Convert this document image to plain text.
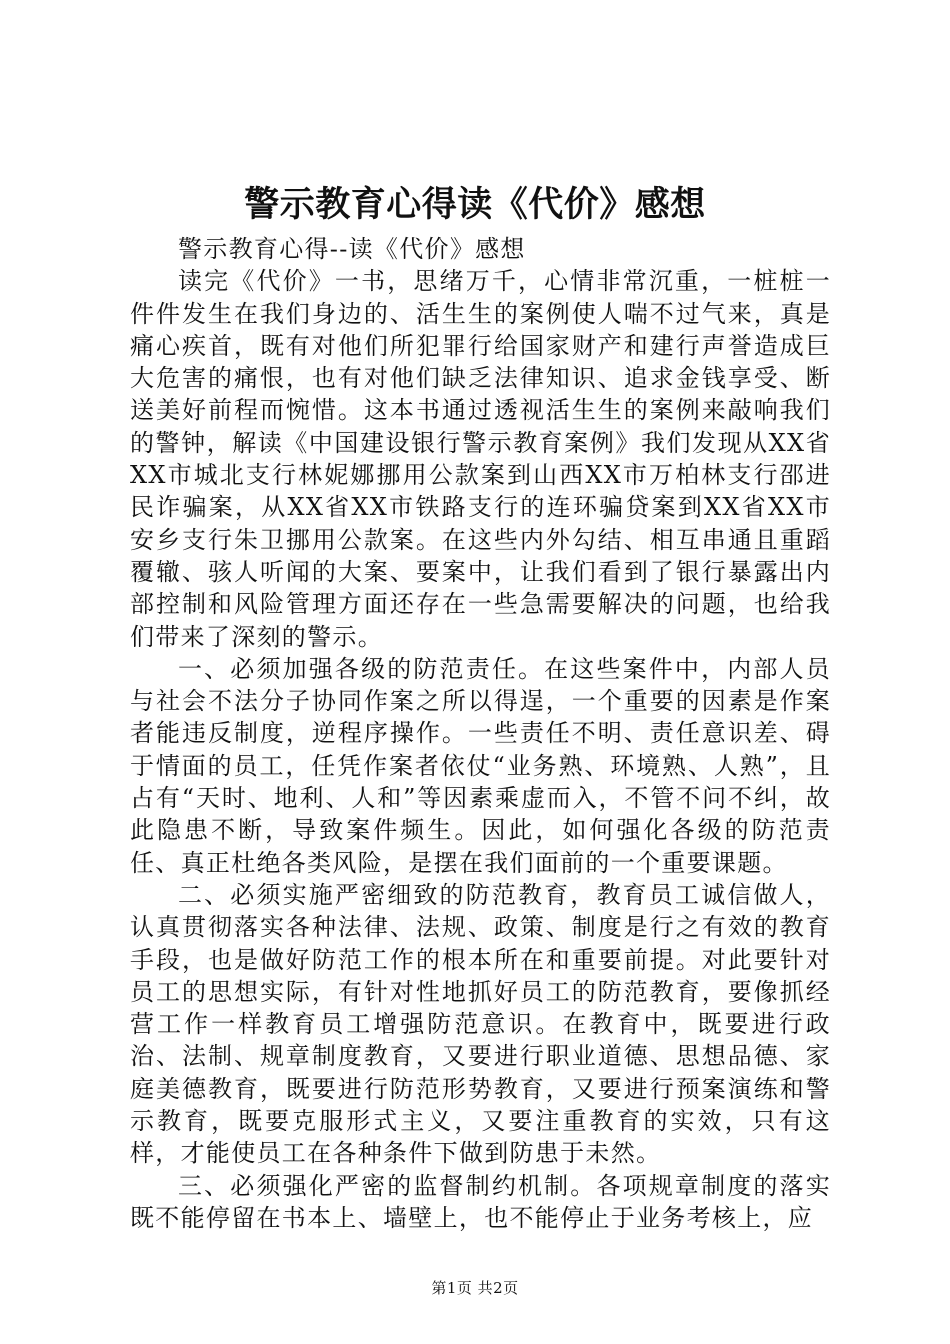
警示教育心得读《代价》感想

警示教育心得--读《代价》感想

读完《代价》一书，思绪万千，心情非常沉重，一桩桩一件件发生在我们身边的、活生生的案例使人喘不过气来，真是痛心疾首，既有对他们所犯罪行给国家财产和建行声誉造成巨大危害的痛恨，也有对他们缺乏法律知识、追求金钱享受、断送美好前程而惋惜。这本书通过透视活生生的案例来敲响我们的警钟，解读《中国建设银行警示教育案例》我们发现从XX省XX市城北支行林妮娜挪用公款案到山西XX市万柏林支行邵进民诈骗案，从XX省XX市铁路支行的连环骗贷案到XX省XX市安乡支行朱卫挪用公款案。在这些内外勾结、相互串通且重蹈覆辙、骇人听闻的大案、要案中，让我们看到了银行暴露出内部控制和风险管理方面还存在一些急需要解决的问题，也给我们带来了深刻的警示。

一、必须加强各级的防范责任。在这些案件中，内部人员与社会不法分子协同作案之所以得逞，一个重要的因素是作案者能违反制度，逆程序操作。一些责任不明、责任意识差、碍于情面的员工，任凭作案者依仗“业务熟、环境熟、人熟”，且占有“天时、地利、人和”等因素乘虚而入，不管不问不纠，故此隐患不断，导致案件频生。因此，如何强化各级的防范责任、真正杜绝各类风险，是摆在我们面前的一个重要课题。

二、必须实施严密细致的防范教育，教育员工诚信做人，认真贯彻落实各种法律、法规、政策、制度是行之有效的教育手段，也是做好防范工作的根本所在和重要前提。对此要针对员工的思想实际，有针对性地抓好员工的防范教育，要像抓经营工作一样教育员工增强防范意识。在教育中，既要进行政治、法制、规章制度教育，又要进行职业道德、思想品德、家庭美德教育，既要进行防范形势教育，又要进行预案演练和警示教育，既要克服形式主义，又要注重教育的实效，只有这样，才能使员工在各种条件下做到防患于未然。

三、必须强化严密的监督制约机制。各项规章制度的落实既不能停留在书本上、墙壁上，也不能停止于业务考核上，应

第1页 共2页
